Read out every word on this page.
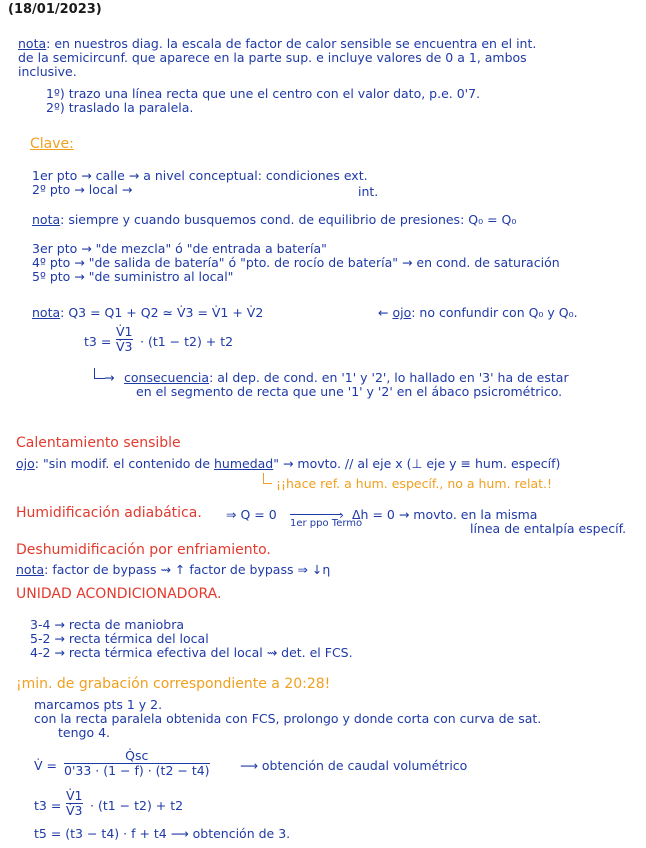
(18/01/2023)
nota: en nuestros diag. la escala de factor de calor sensible se encuentra en el int.
de la semicircunf. que aparece en la parte sup. e incluye valores de 0 a 1, ambos
inclusive.
1º) trazo una línea recta que une el centro con el valor dato, p.e. 0'7.
2º) traslado la paralela.
Clave:
1er pto → calle → a nivel conceptual: condiciones ext.
2º pto → local →	int.
nota: siempre y cuando busquemos cond. de equilibrio de presiones: Q₀ = Q₀
3er pto → "de mezcla" ó "de entrada a batería"
4º pto → "de salida de batería" ó "pto. de rocío de batería" → en cond. de saturación
5º pto → "de suministro al local"
nota: Q3 = Q1 + Q2 ≃ V̇3 = V̇1 + V̇2	← ojo: no confundir con Q₀ y Q₀.
t3 =
V̇1
V̇3 · (t1 − t2) + t2
→ consecuencia: al dep. de cond. en '1' y '2', lo hallado en '3' ha de estar
en el segmento de recta que une '1' y '2' en el ábaco psicrométrico.
Calentamiento sensible
ojo: "sin modif. el contenido de humedad" → movto. // al eje x (⊥ eje y ≡ hum. específ)
¡¡hace ref. a hum. específ., no a hum. relat.!
Humidificación adiabática. ⇒ Q = 0	›
1er ppo Termo
Δh = 0 → movto. en la misma
línea de entalpía específ.
Deshumidificación por enfriamiento.
nota: factor de bypass ⇝ ↑ factor de bypass ⇒ ↓η
UNIDAD ACONDICIONADORA.
3-4 → recta de maniobra
5-2 → recta térmica del local
4-2 → recta térmica efectiva del local ⇝ det. el FCS.
¡min. de grabación correspondiente a 20:28!
marcamos pts 1 y 2.
con la recta paralela obtenida con FCS, prolongo y donde corta con curva de sat.
tengo 4.
V̇ =
Q̇sc
0'33 · (1 − f) · (t2 − t4) ⟶ obtención de caudal volumétrico
t3 =
V̇1
V̇3 · (t1 − t2) + t2
t5 = (t3 − t4) · f + t4 ⟶ obtención de 3.
